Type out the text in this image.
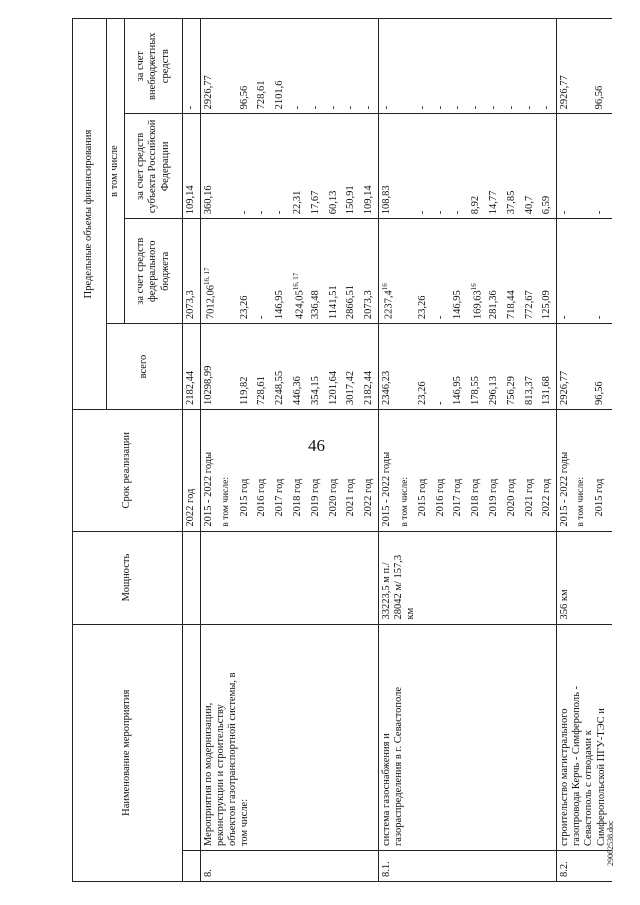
46
29062538.doc
Наименование мероприятия		Мощность	Срок реализации	Предельные объемы финансирования			
				всего	в том числе		
					за счет средств федерального бюджета	за счет средств субъекта Российской Федерации	за счет внебюджетных средств
			2022 год	2182,44	2073,3	109,14	-
8.	Мероприятия по модернизации, реконструкции и строительству объектов газотранспортной системы, в том числе:		2015 - 2022 годы	10298,99	7012,06$^{16, 17}$	360,16	2926,77
			в том числе:				
			2015 год	119,82	23,26	-	96,56
			2016 год	728,61	-	-	728,61
			2017 год	2248,55	146,95	-	2101,6
			2018 год	446,36	424,05$^{16, 17}$	22,31	-
			2019 год	354,15	336,48	17,67	-
			2020 год	1201,64	1141,51	60,13	-
			2021 год	3017,42	2866,51	150,91	-
			2022 год	2182,44	2073,3	109,14	-
8.1.	система газоснабжения и газораспределения в г. Севастополе	33223,5 м п./ 28042 м/ 157,3 км	2015 - 2022 годы	2346,23	2237,4$^{16}$	108,83	-
			в том числе:				
			2015 год	23,26	23,26	-	-
			2016 год	-	-	-	-
			2017 год	146,95	146,95	-	-
			2018 год	178,55	169,63$^{16}$	8,92	-
			2019 год	296,13	281,36	14,77	-
			2020 год	756,29	718,44	37,85	-
			2021 год	813,37	772,67	40,7	-
			2022 год	131,68	125,09	6,59	-
8.2.	строительство магистрального газопровода Керчь - Симферополь - Севастополь с отводами к Симферопольской ПГУ-ТЭС и	356 км	2015 - 2022 годы	2926,77	-	-	2926,77
			в том числе:				
			2015 год	96,56	-	-	96,56
